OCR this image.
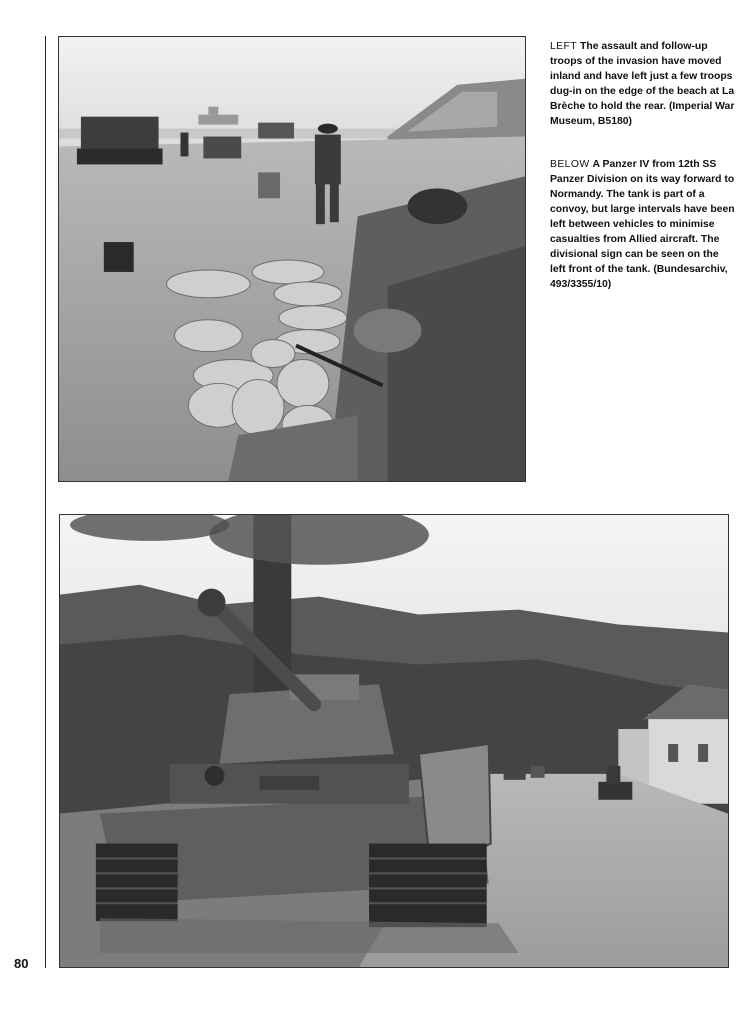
LEFT The assault and follow-up troops of the invasion have moved inland and have left just a few troops dug-in on the edge of the beach at La Brèche to hold the rear. (Imperial War Museum, B5180)
BELOW A Panzer IV from 12th SS Panzer Division on its way forward to Normandy. The tank is part of a convoy, but large intervals have been left between vehicles to minimise casualties from Allied aircraft. The divisional sign can be seen on the left front of the tank. (Bundesarchiv, 493/3355/10)
80
